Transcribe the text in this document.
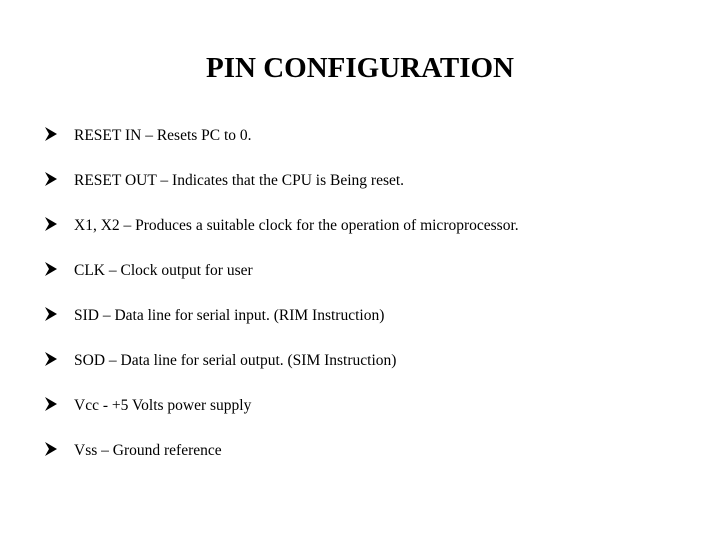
PIN CONFIGURATION
RESET IN – Resets PC to 0.
RESET OUT – Indicates that the CPU is Being reset.
X1, X2 – Produces a suitable clock for the operation of microprocessor.
CLK – Clock output for user
SID – Data line for serial input. (RIM Instruction)
SOD – Data line for serial output. (SIM Instruction)
Vcc - +5 Volts power supply
Vss – Ground reference
